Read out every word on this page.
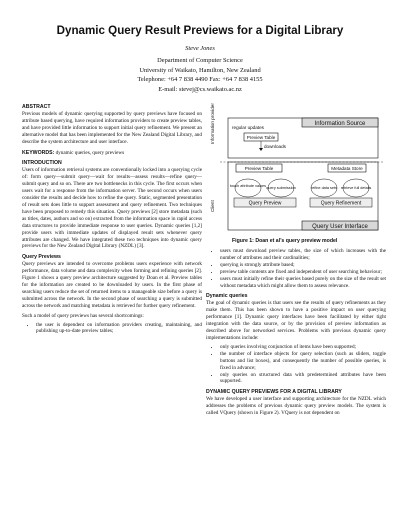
Dynamic Query Result Previews for a Digital Library
Steve Jones
Department of Computer Science
University of Waikato, Hamilton, New Zealand
Telephone: +64 7 838 4490 Fax: +64 7 838 4155
E-mail: stevej@cs.waikato.ac.nz
ABSTRACT

Previous models of dynamic querying supported by query previews have focused on attribute based querying, have required information providers to create preview tables, and have provided little information to support initial query refinement. We present an alternative model that has been implemented for the New Zealand Digital Library, and describe the system architecture and user interface.

KEYWORDS: dynamic queries, query previews

INTRODUCTION

Users of information retrieval systems are conventionally locked into a querying cycle of: form query—submit query—wait for results—assess results—refine query—submit query and so on. There are two bottlenecks in this cycle. The first occurs when users wait for a response from the information server. The second occurs when users consider the results and decide how to refine the query. Static, segmented presentation of result sets does little to support assessment and query refinement. Two techniques have been proposed to remedy this situation. Query previews [2] store metadata (such as titles, dates, authors and so on) extracted from the information space in rapid access data structures to provide immediate response to user queries. Dynamic queries [1,2] provide users with immediate updates of displayed result sets whenever query attributes are changed. We have integrated these two techniques into dynamic query previews for the New Zealand Digital Library (NZDL) [3].

Query Previews

Query previews are intended to overcome problems users experience with network performance, data volume and data complexity when forming and refining queries [2]. Figure 1 shows a query preview architecture suggested by Doan et al. Preview tables for the information are created to be downloaded by users. In the first phase of searching users reduce the set of returned items to a manageable size before a query is submitted across the network. In the second phase of searching a query is submitted across the network and matching metadata is retrieved for further query refinement.

Such a model of query previews has several shortcomings:

• the user is dependent on information providers creating, maintaining, and publishing up-to-date preview tables;
Information provider
Client
Information Source
regular updates
Preview Table
downloads
Preview Table	Metadata Store
touch attribute values query submission	refine data sets retrieve full details
Query Preview	Query Refinement
Query User Interface
Figure 1: Doan et al’s query preview model
• users must download preview tables, the size of which increases with the number of attributes and their cardinalities;
• querying is strongly attribute based;
• preview table contents are fixed and independent of user searching behaviour;
• users must initially refine their queries based purely on the size of the result set without metadata which might allow them to assess relevance.
Dynamic queries

The goal of dynamic queries is that users see the results of query refinements as they make them. This has been shown to have a positive impact on user querying performance [1]. Dynamic query interfaces have been facilitated by either tight integration with the data source, or by the provision of preview information as described above for networked services. Problems with previous dynamic query implementations include:

• only queries involving conjunction of items have been supported;
• the number of interface objects for query selection (such as sliders, toggle buttons and list boxes), and consequently the number of possible queries, is fixed in advance;
• only queries on structured data with predetermined attributes have been supported.
DYNAMIC QUERY PREVIEWS FOR A DIGITAL LIBRARY

We have developed a user interface and supporting architecture for the NZDL which addresses the problems of previous dynamic query preview models. The system is called VQuery (shown in Figure 2). VQuery is not dependent on
